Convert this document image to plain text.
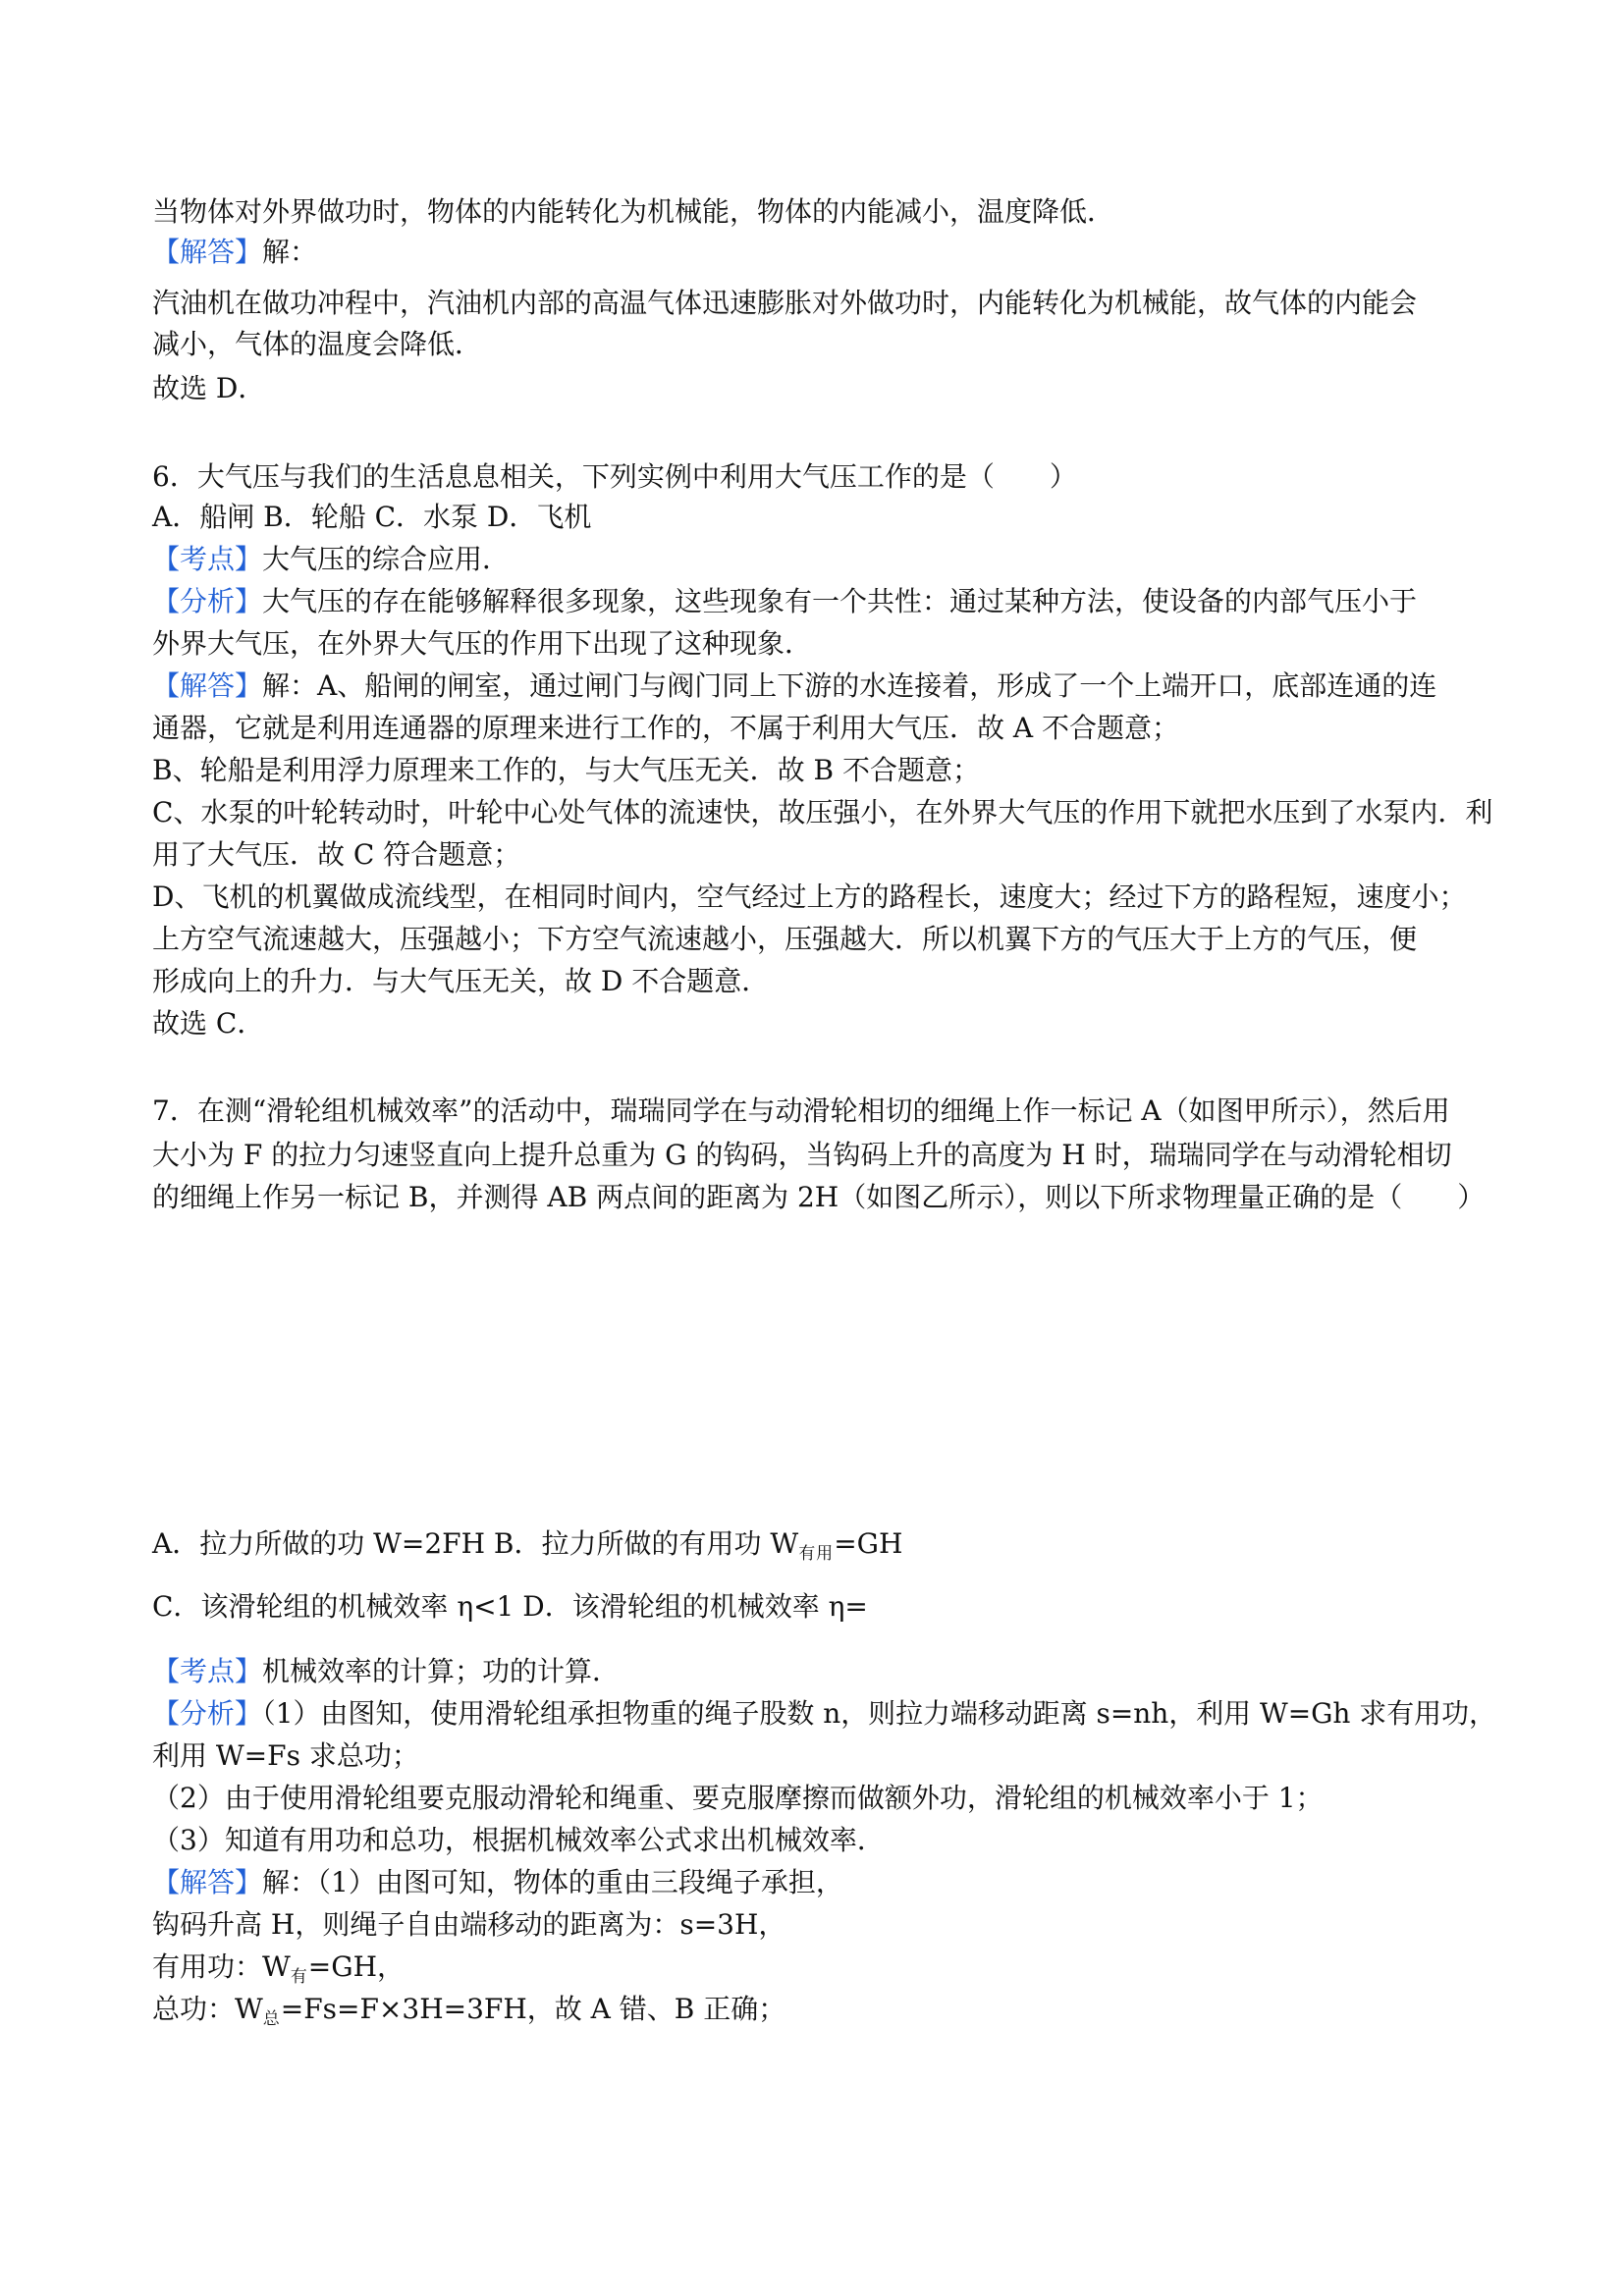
当物体对外界做功时，物体的内能转化为机械能，物体的内能减小，温度降低．
【解答】解：
汽油机在做功冲程中，汽油机内部的高温气体迅速膨胀对外做功时，内能转化为机械能，故气体的内能会
减小，气体的温度会降低．
故选 D．
6．大气压与我们的生活息息相关，下列实例中利用大气压工作的是（　　）
A．船闸 B．轮船 C．水泵 D．飞机
【考点】大气压的综合应用．
【分析】大气压的存在能够解释很多现象，这些现象有一个共性：通过某种方法，使设备的内部气压小于
外界大气压，在外界大气压的作用下出现了这种现象．
【解答】解：A、船闸的闸室，通过闸门与阀门同上下游的水连接着，形成了一个上端开口，底部连通的连
通器，它就是利用连通器的原理来进行工作的，不属于利用大气压．故 A 不合题意；
B、轮船是利用浮力原理来工作的，与大气压无关．故 B 不合题意；
C、水泵的叶轮转动时，叶轮中心处气体的流速快，故压强小，在外界大气压的作用下就把水压到了水泵内．利
用了大气压．故 C 符合题意；
D、飞机的机翼做成流线型，在相同时间内，空气经过上方的路程长，速度大；经过下方的路程短，速度小；
上方空气流速越大，压强越小；下方空气流速越小，压强越大．所以机翼下方的气压大于上方的气压，便
形成向上的升力．与大气压无关，故 D 不合题意．
故选 C．
7．在测“滑轮组机械效率”的活动中，瑞瑞同学在与动滑轮相切的细绳上作一标记 A（如图甲所示），然后用
大小为 F 的拉力匀速竖直向上提升总重为 G 的钩码，当钩码上升的高度为 H 时，瑞瑞同学在与动滑轮相切
的细绳上作另一标记 B，并测得 AB 两点间的距离为 2H（如图乙所示），则以下所求物理量正确的是（　　）
A．拉力所做的功 W=2FH B．拉力所做的有用功 $W_{有用}=GH$
C．该滑轮组的机械效率 η<1 D．该滑轮组的机械效率 η=
【考点】机械效率的计算；功的计算．
【分析】（1）由图知，使用滑轮组承担物重的绳子股数 n，则拉力端移动距离 s=nh，利用 W=Gh 求有用功，
利用 W=Fs 求总功；
（2）由于使用滑轮组要克服动滑轮和绳重、要克服摩擦而做额外功，滑轮组的机械效率小于 1；
（3）知道有用功和总功，根据机械效率公式求出机械效率．
【解答】解：（1）由图可知，物体的重由三段绳子承担，
钩码升高 H，则绳子自由端移动的距离为：s=3H，
有用功：$W_有=GH$，
总功：$W_总=Fs=F\times 3H=3FH$，故 A 错、B 正确；
